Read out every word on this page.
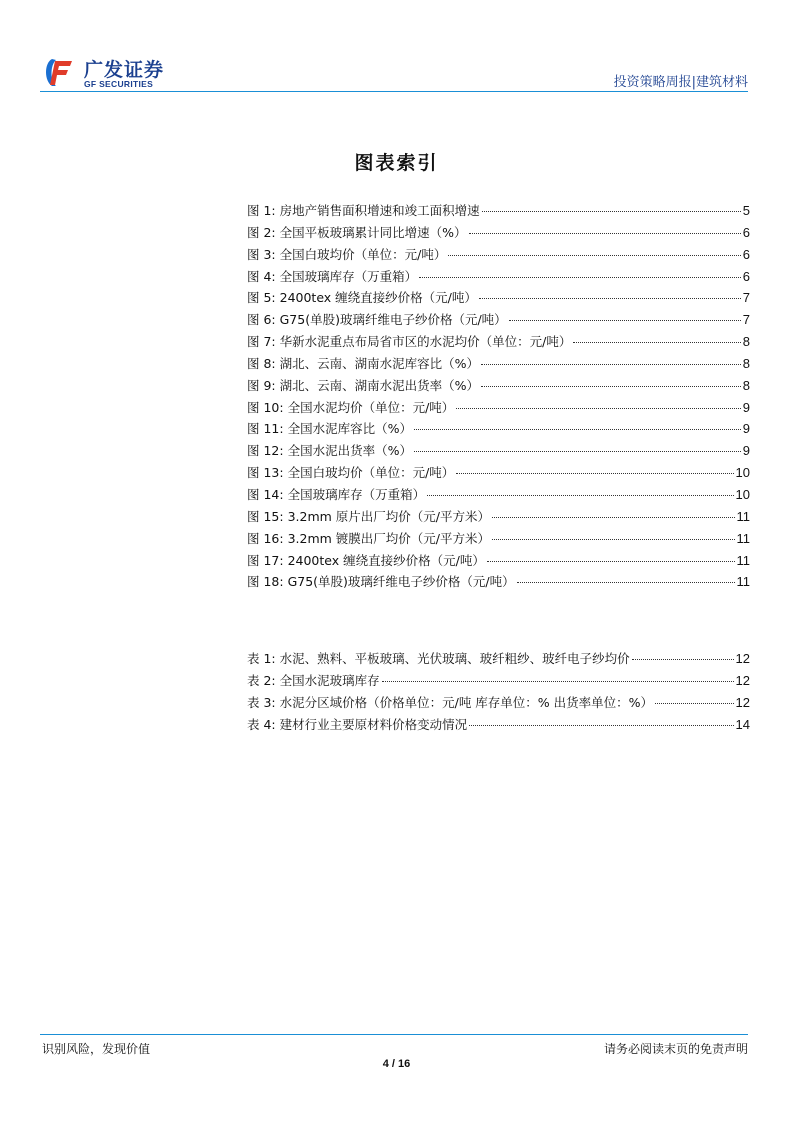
广发证券
GF SECURITIES	投资策略周报|建筑材料
图表索引
图 1: 房地产销售面积增速和竣工面积增速	5
图 2: 全国平板玻璃累计同比增速（%）	6
图 3: 全国白玻均价（单位：元/吨）	6
图 4: 全国玻璃库存（万重箱）	6
图 5: 2400tex 缠绕直接纱价格（元/吨）	7
图 6: G75(单股)玻璃纤维电子纱价格（元/吨）	7
图 7: 华新水泥重点布局省市区的水泥均价（单位：元/吨）	8
图 8: 湖北、云南、湖南水泥库容比（%）	8
图 9: 湖北、云南、湖南水泥出货率（%）	8
图 10: 全国水泥均价（单位：元/吨）	9
图 11: 全国水泥库容比（%）	9
图 12: 全国水泥出货率（%）	9
图 13: 全国白玻均价（单位：元/吨）	10
图 14: 全国玻璃库存（万重箱）	10
图 15: 3.2mm 原片出厂均价（元/平方米）	11
图 16: 3.2mm 镀膜出厂均价（元/平方米）	11
图 17: 2400tex 缠绕直接纱价格（元/吨）	11
图 18: G75(单股)玻璃纤维电子纱价格（元/吨）	11
表 1: 水泥、熟料、平板玻璃、光伏玻璃、玻纤粗纱、玻纤电子纱均价	12
表 2: 全国水泥玻璃库存	12
表 3: 水泥分区域价格（价格单位：元/吨 库存单位：% 出货率单位：%）	12
表 4: 建材行业主要原材料价格变动情况	14
识别风险，发现价值	请务必阅读末页的免责声明
4 / 16
